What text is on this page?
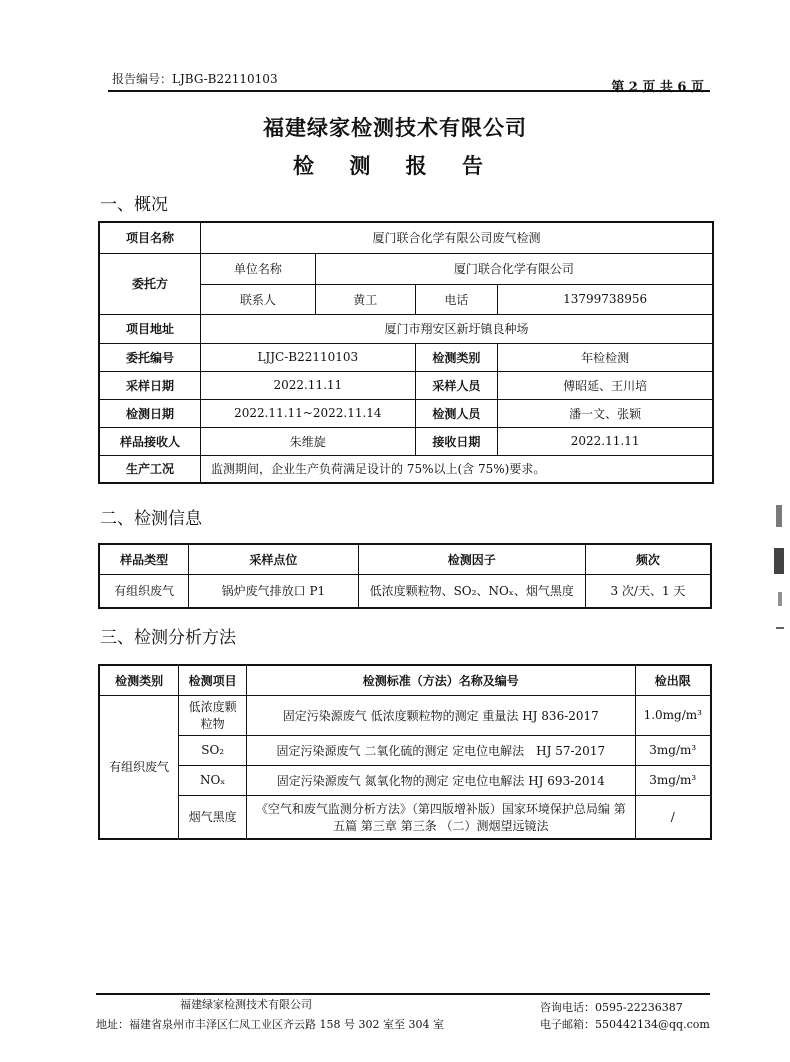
报告编号：LJBG-B22110103
第 2 页 共 6 页
福建绿家检测技术有限公司
检 测 报 告
一、概况
项目名称	厦门联合化学有限公司废气检测			
委托方	单位名称	厦门联合化学有限公司		
	联系人	黄工	电话	13799738956
项目地址	厦门市翔安区新圩镇良种场			
委托编号	LJJC-B22110103		检测类别	年检检测
采样日期	2022.11.11		采样人员	傅昭延、王川培
检测日期	2022.11.11~2022.11.14		检测人员	潘一文、张颖
样品接收人	朱维旋		接收日期	2022.11.11
生产工况	监测期间，企业生产负荷满足设计的 75%以上(含 75%)要求。			
二、检测信息
样品类型	采样点位	检测因子	频次
有组织废气	锅炉废气排放口 P1	低浓度颗粒物、SO₂、NOₓ、烟气黑度	3 次/天、1 天
三、检测分析方法
检测类别	检测项目	检测标准（方法）名称及编号	检出限
有组织废气	低浓度颗粒物	固定污染源废气 低浓度颗粒物的测定 重量法 HJ 836-2017	1.0mg/m³
	SO₂	固定污染源废气 二氧化硫的测定 定电位电解法　HJ 57-2017	3mg/m³
	NOₓ	固定污染源废气 氮氧化物的测定 定电位电解法 HJ 693-2014	3mg/m³
	烟气黑度	《空气和废气监测分析方法》（第四版增补版）国家环境保护总局编 第五篇 第三章 第三条 （二）测烟望远镜法	/
福建绿家检测技术有限公司
地址：福建省泉州市丰泽区仁凤工业区齐云路 158 号 302 室至 304 室
咨询电话：0595-22236387
电子邮箱：550442134@qq.com
